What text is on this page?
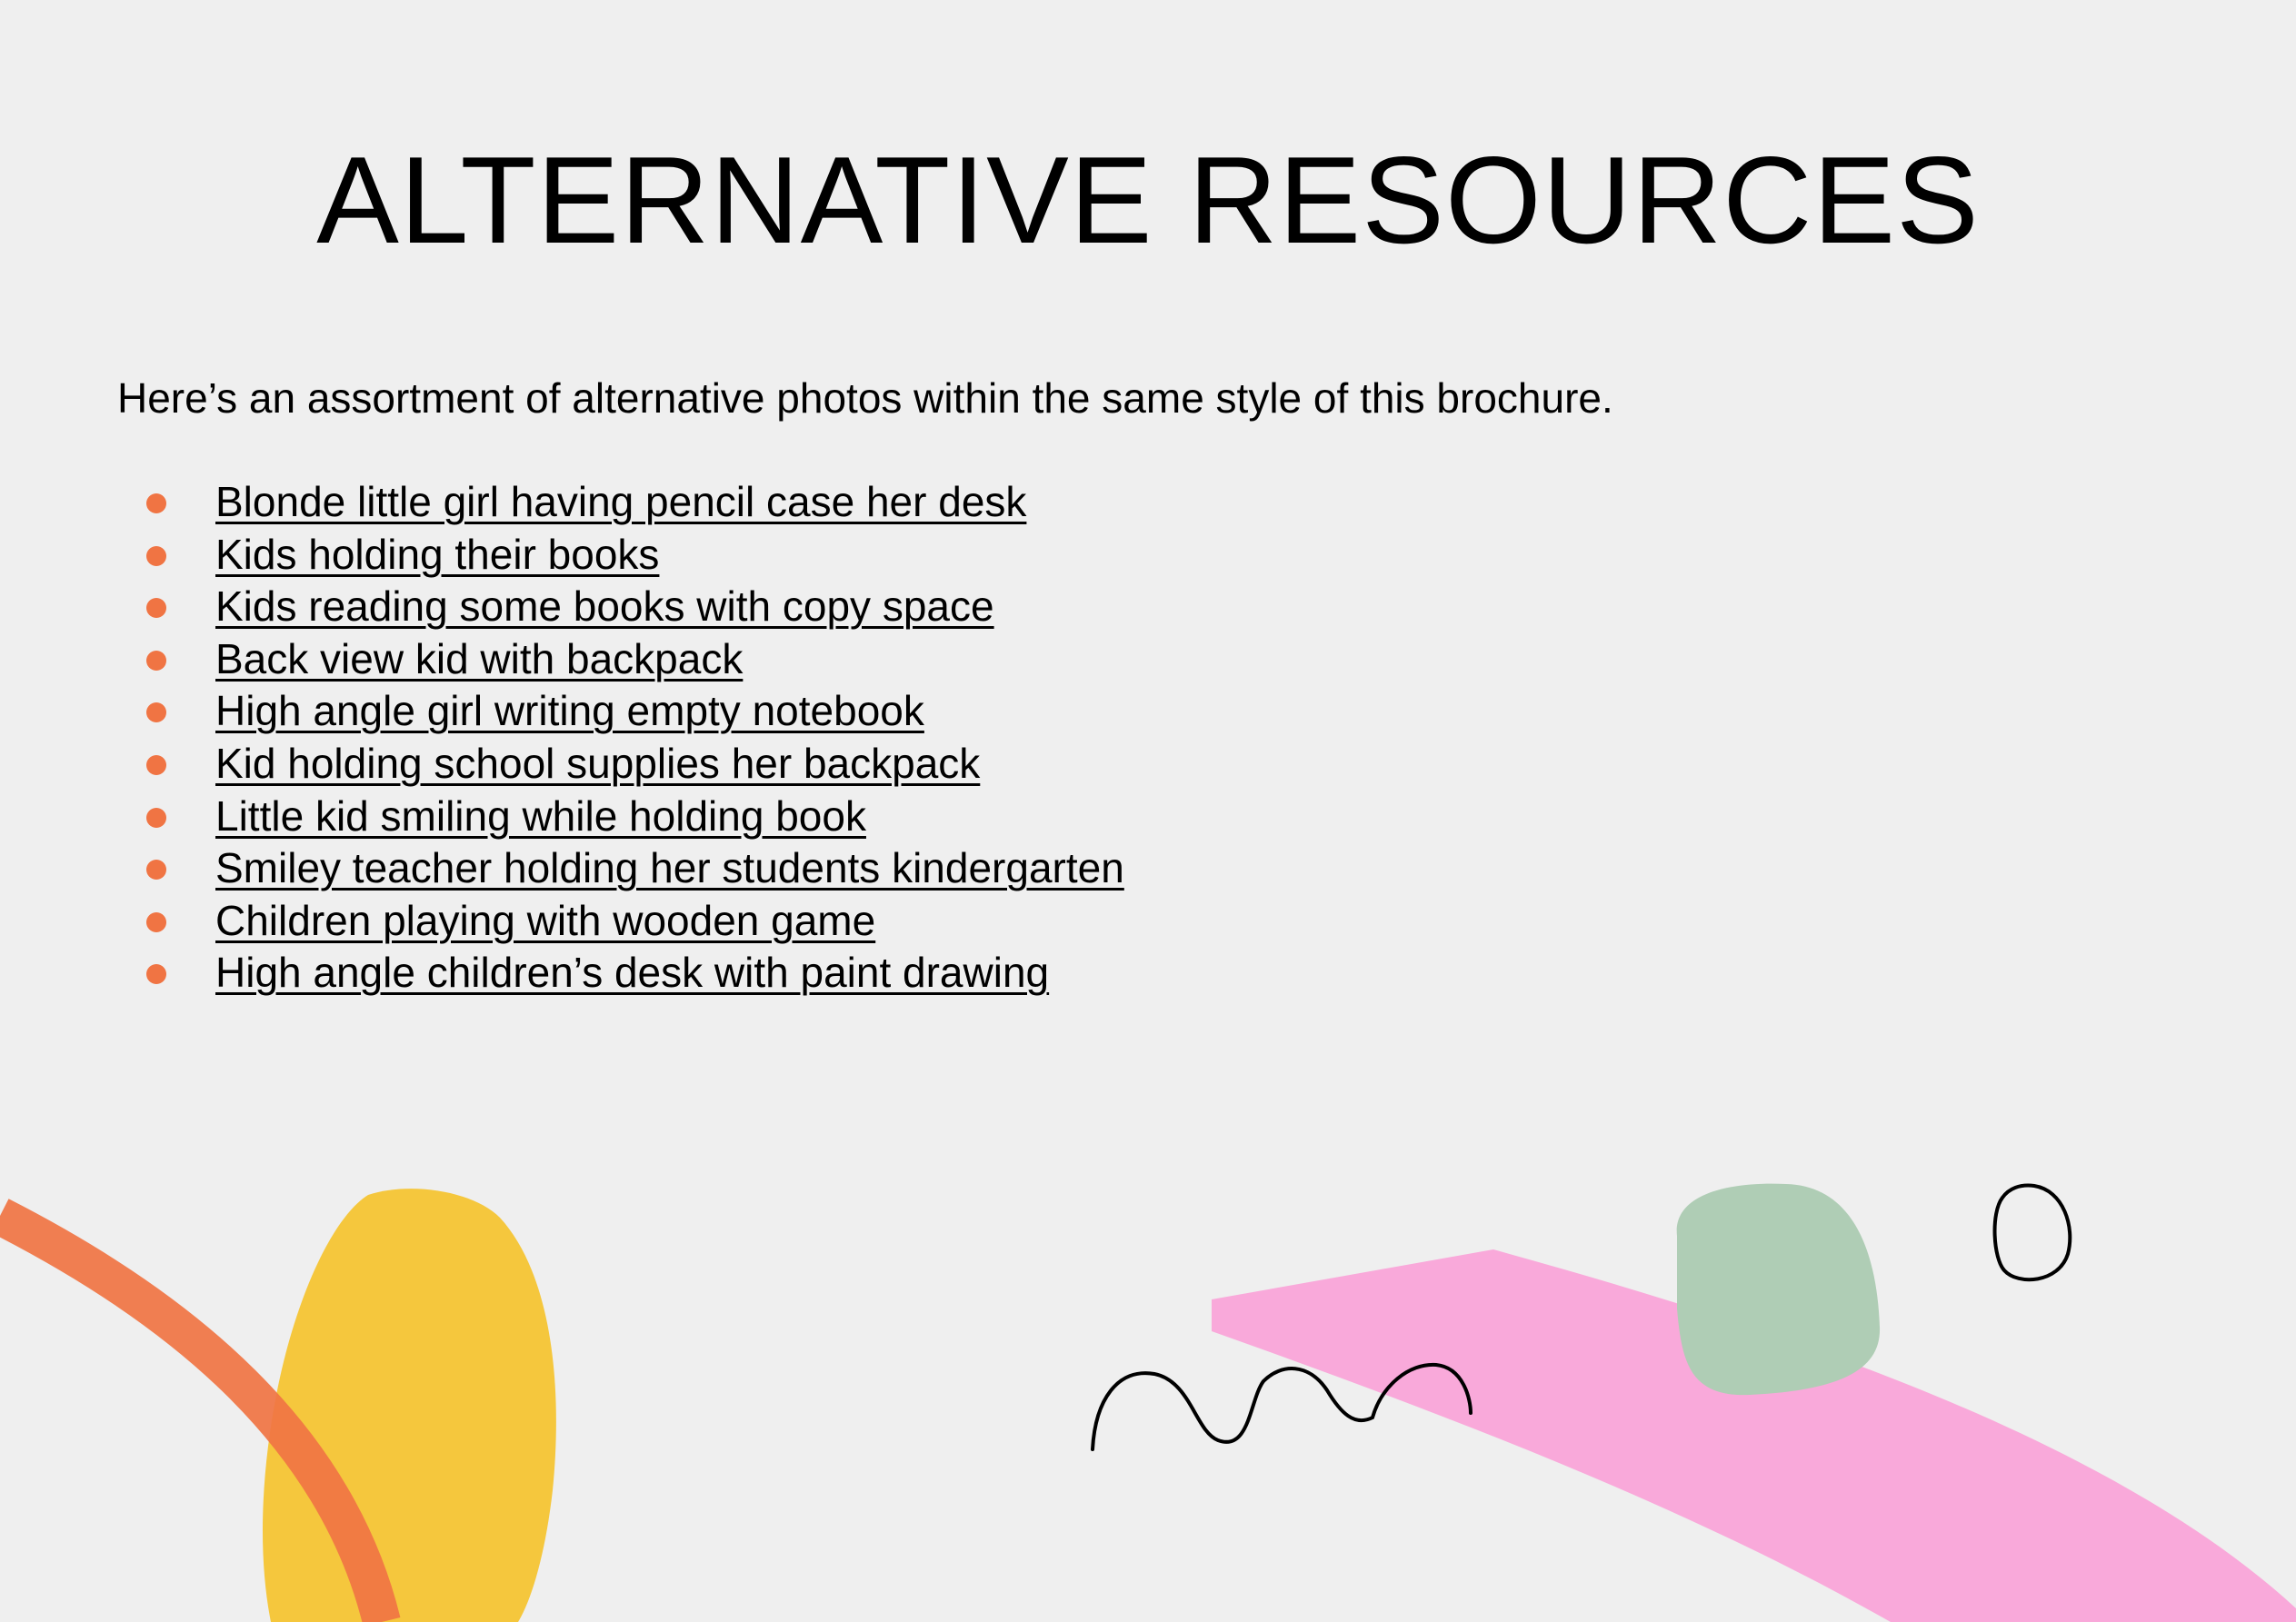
ALTERNATIVE RESOURCES

Here’s an assortment of alternative photos within the same style of this brochure.

Blonde little girl having pencil case her desk
Kids holding their books
Kids reading some books with copy space
Back view kid with backpack
High angle girl writing empty notebook
Kid holding school supplies her backpack
Little kid smiling while holding book
Smiley teacher holding her students kindergarten
Children playing with wooden game
High angle children’s desk with paint drawing
